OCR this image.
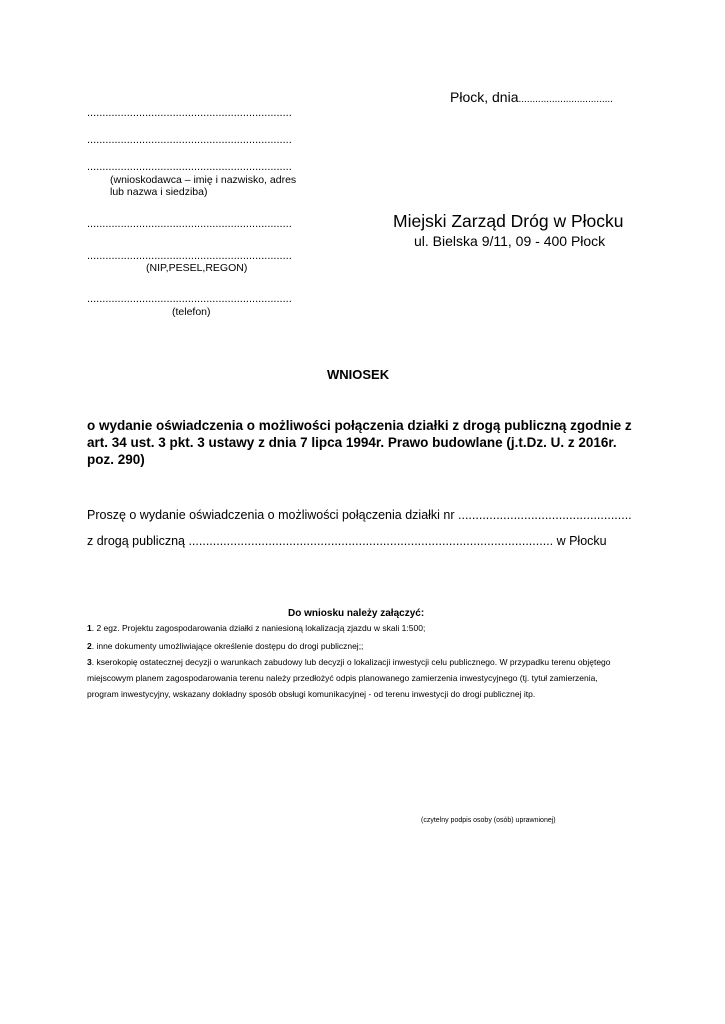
Płock, dnia..................................
...................................................................
...................................................................
...................................................................
(wnioskodawca – imię i nazwisko, adres
lub nazwa i siedziba)
...................................................................
...................................................................
(NIP,PESEL,REGON)
...................................................................
(telefon)
Miejski Zarząd Dróg w Płocku
ul. Bielska 9/11, 09 - 400 Płock
WNIOSEK
o wydanie oświadczenia o możliwości połączenia działki z drogą publiczną zgodnie z
art. 34 ust. 3 pkt. 3 ustawy z dnia 7 lipca 1994r. Prawo budowlane (j.t.Dz. U. z 2016r.
poz. 290)
Proszę o wydanie oświadczenia o możliwości połączenia działki nr ..................................................
z drogą publiczną ......................................................................................................... w Płocku
Do wniosku należy załączyć:
1. 2 egz. Projektu zagospodarowania działki z naniesioną lokalizacją zjazdu w skali 1:500;
2. inne dokumenty umożliwiające określenie dostępu do drogi publicznej;;
3. kserokopię ostatecznej decyzji o warunkach zabudowy lub decyzji o lokalizacji inwestycji celu publicznego. W przypadku terenu objętego
miejscowym planem zagospodarowania terenu należy przedłożyć odpis planowanego zamierzenia inwestycyjnego (tj. tytuł zamierzenia,
program inwestycyjny, wskazany dokładny sposób obsługi komunikacyjnej - od terenu inwestycji do drogi publicznej itp.
(czytelny podpis osoby (osób) uprawnionej)
